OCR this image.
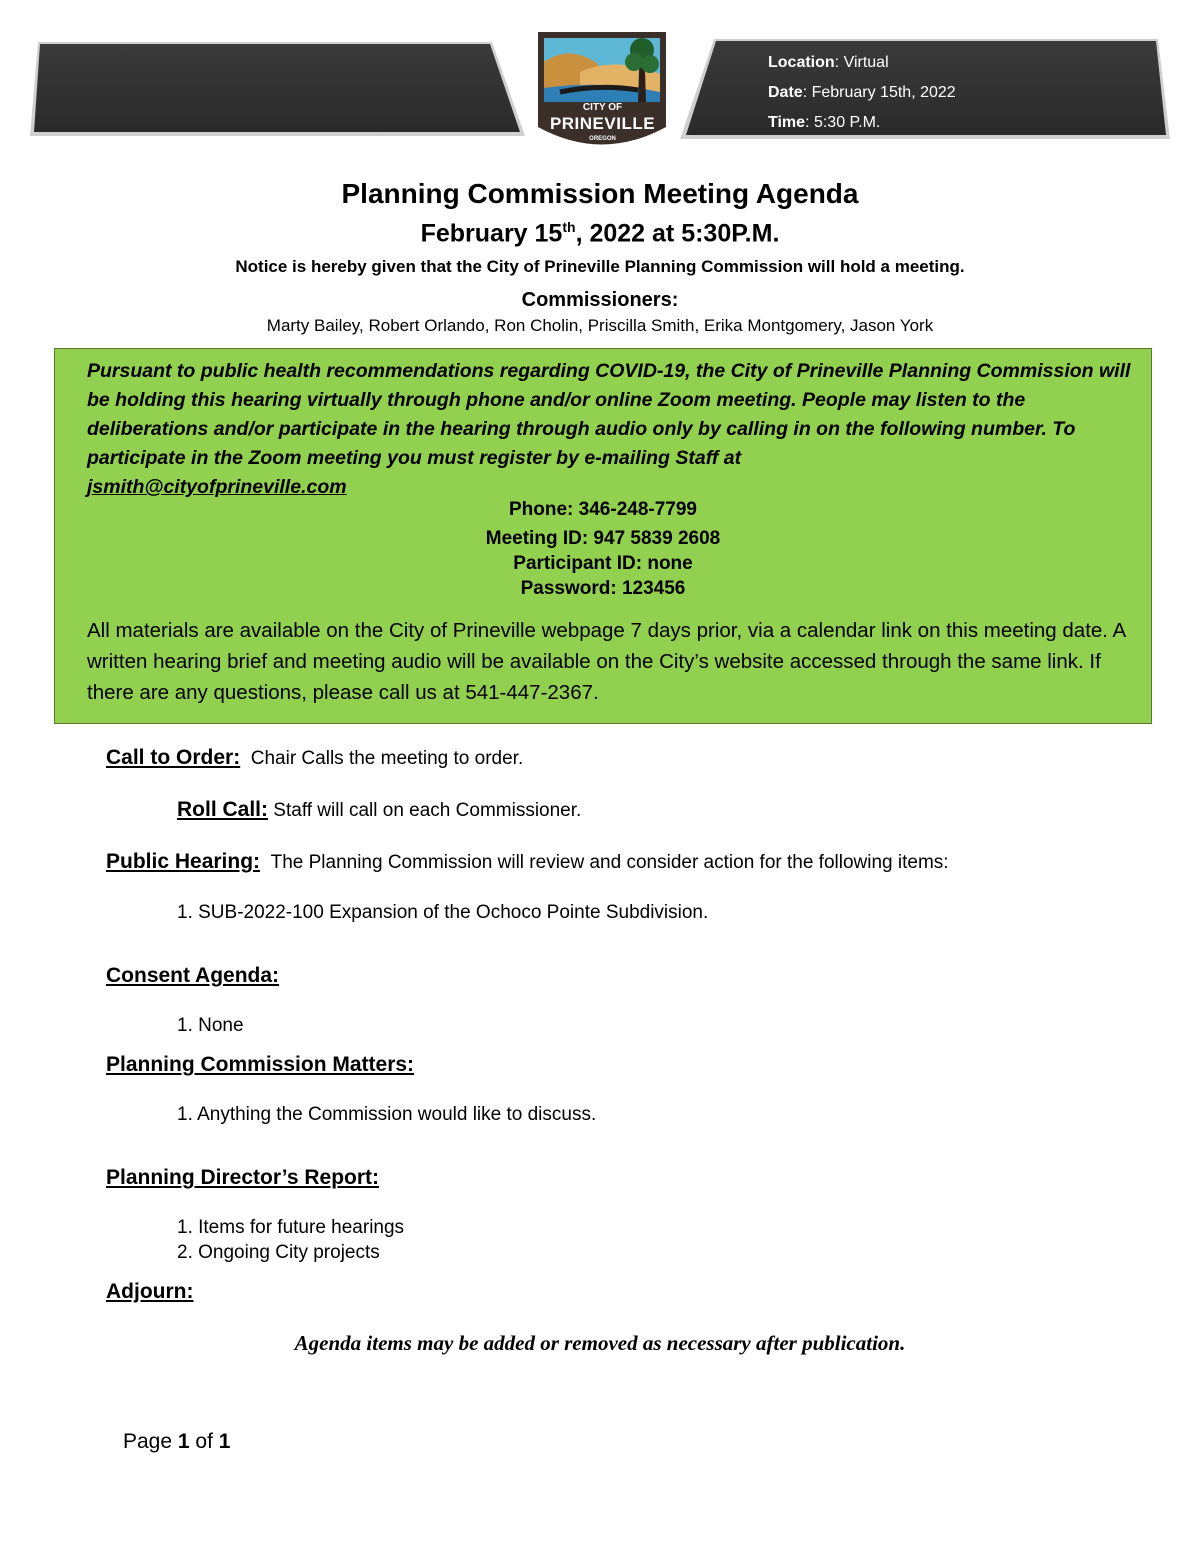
Location: Virtual
Date: February 15th, 2022
Time: 5:30 P.M.
CITY OF
PRINEVILLE
OREGON
Planning Commission Meeting Agenda
February 15th, 2022 at 5:30P.M.
Notice is hereby given that the City of Prineville Planning Commission will hold a meeting.
Commissioners:
Marty Bailey, Robert Orlando, Ron Cholin, Priscilla Smith, Erika Montgomery, Jason York
Pursuant to public health recommendations regarding COVID-19, the City of Prineville Planning Commission will be holding this hearing virtually through phone and/or online Zoom meeting. People may listen to the deliberations and/or participate in the hearing through audio only by calling in on the following number. To participate in the Zoom meeting you must register by e-mailing Staff at
jsmith@cityofprineville.com
Phone: 346-248-7799
Meeting ID: 947 5839 2608
Participant ID: none
Password: 123456
All materials are available on the City of Prineville webpage 7 days prior, via a calendar link on this meeting date. A written hearing brief and meeting audio will be available on the City’s website accessed through the same link. If there are any questions, please call us at 541-447-2367.
Call to Order: Chair Calls the meeting to order.
Roll Call: Staff will call on each Commissioner.
Public Hearing: The Planning Commission will review and consider action for the following items:
1. SUB-2022-100 Expansion of the Ochoco Pointe Subdivision.
Consent Agenda:
1. None
Planning Commission Matters:
1. Anything the Commission would like to discuss.
Planning Director’s Report:
1. Items for future hearings
2. Ongoing City projects
Adjourn:
Agenda items may be added or removed as necessary after publication.
Page 1 of 1
